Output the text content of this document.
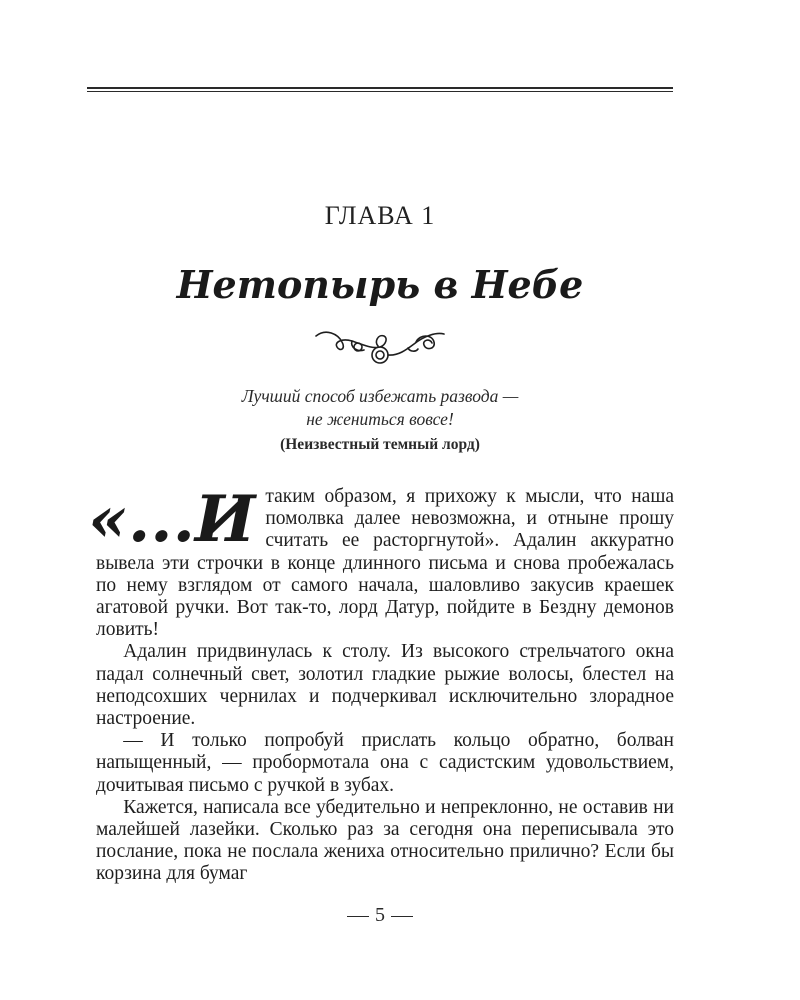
ГЛАВА 1
Нетопырь в Небе
Лучший способ избежать развода —
не жениться вовсе!
(Неизвестный темный лорд)

«...И таким образом, я прихожу к мысли, что наша помолвка далее невозможна, и отныне прошу считать ее расторгнутой». Адалин аккуратно вывела эти строчки в конце длинного письма и снова пробежалась по нему взглядом от самого начала, шаловливо закусив краешек агатовой ручки. Вот так-то, лорд Датур, пойдите в Бездну демонов ловить!

Адалин придвинулась к столу. Из высокого стрельчатого окна падал солнечный свет, золотил гладкие рыжие волосы, блестел на неподсохших чернилах и подчеркивал исключительно злорадное настроение.

— И только попробуй прислать кольцо обратно, болван напыщенный, — пробормотала она с садистским удовольствием, дочитывая письмо с ручкой в зубах.

Кажется, написала все убедительно и непреклонно, не оставив ни малейшей лазейки. Сколько раз за сегодня она переписывала это послание, пока не послала жениха относительно прилично? Если бы корзина для бумаг

5
